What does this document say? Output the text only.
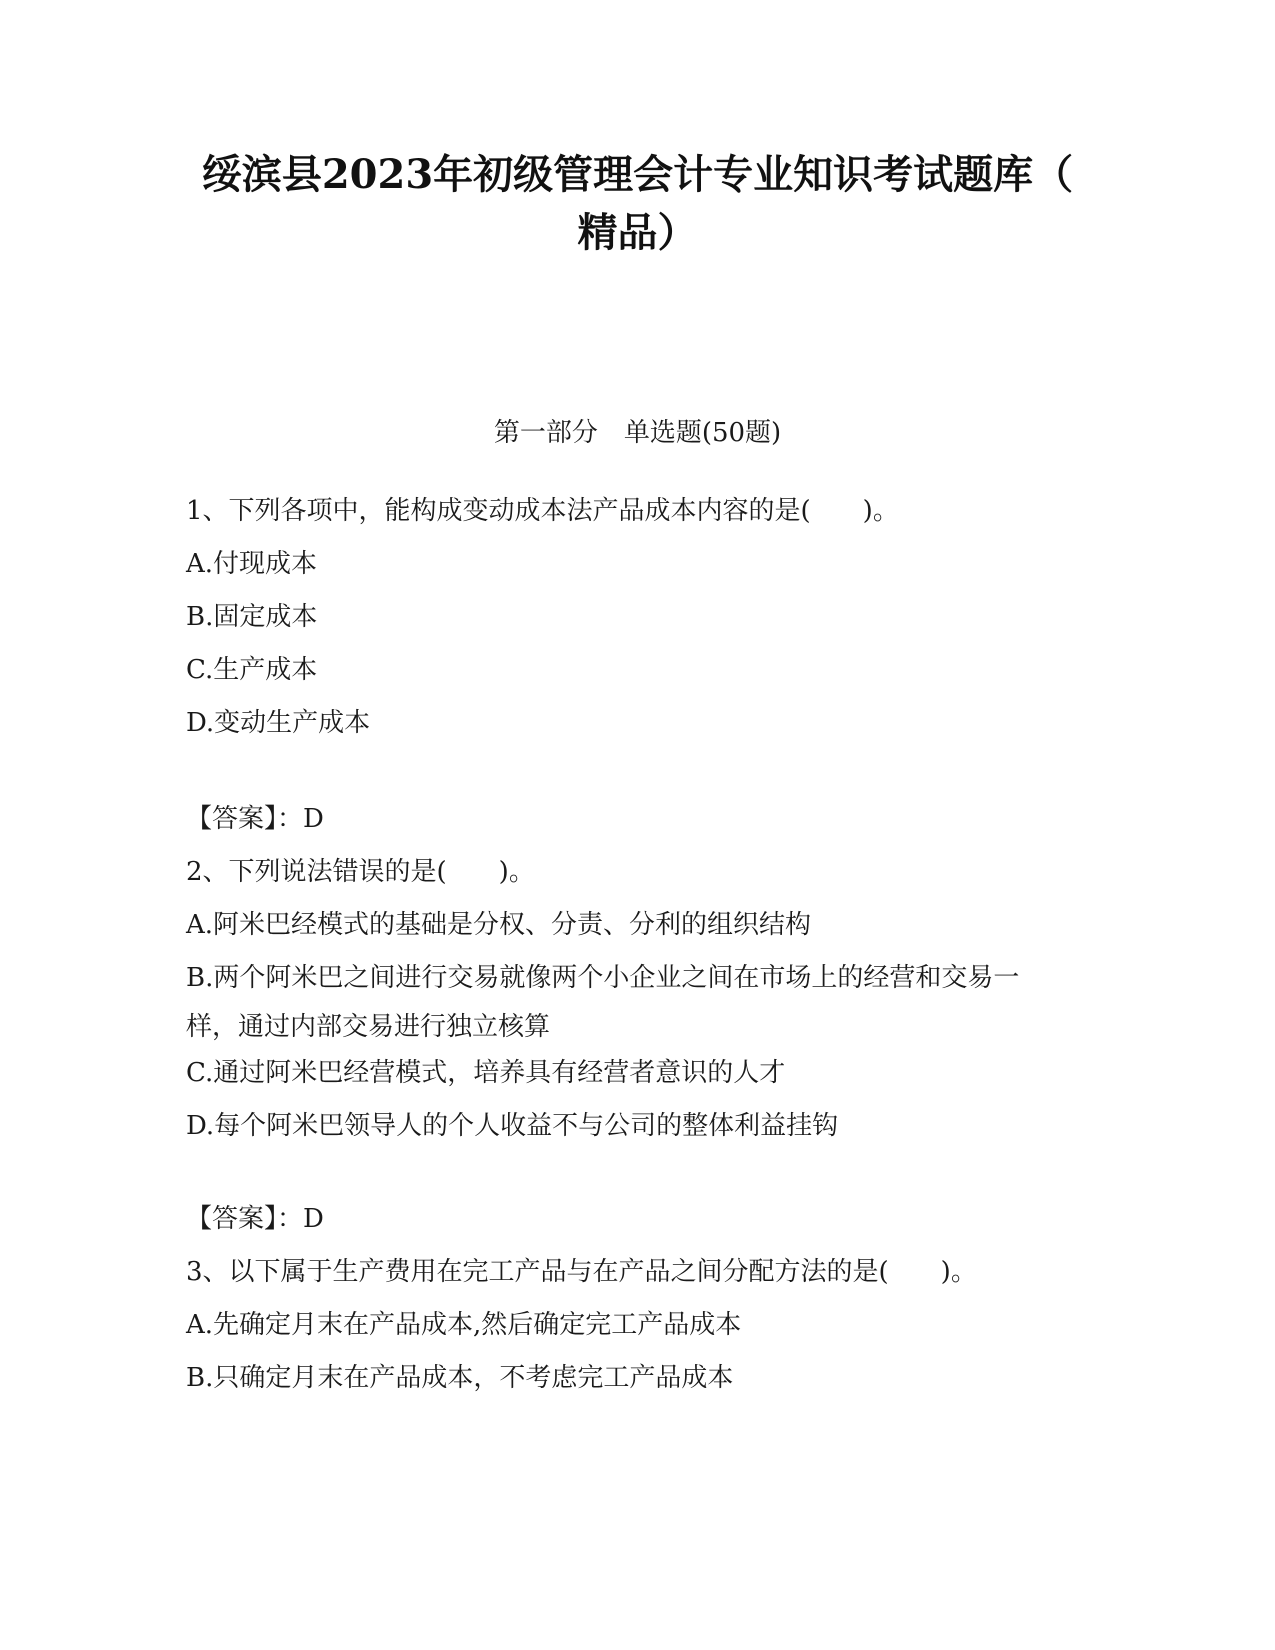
绥滨县2023年初级管理会计专业知识考试题库（
精品）
第一部分　单选题(50题)
1、下列各项中，能构成变动成本法产品成本内容的是(　　)。
A.付现成本
B.固定成本
C.生产成本
D.变动生产成本
【答案】：D
2、下列说法错误的是(　　)。
A.阿米巴经模式的基础是分权、分责、分利的组织结构
B.两个阿米巴之间进行交易就像两个小企业之间在市场上的经营和交易一样，通过内部交易进行独立核算
C.通过阿米巴经营模式，培养具有经营者意识的人才
D.每个阿米巴领导人的个人收益不与公司的整体利益挂钩
【答案】：D
3、以下属于生产费用在完工产品与在产品之间分配方法的是(　　)。
A.先确定月末在产品成本,然后确定完工产品成本
B.只确定月末在产品成本，不考虑完工产品成本
